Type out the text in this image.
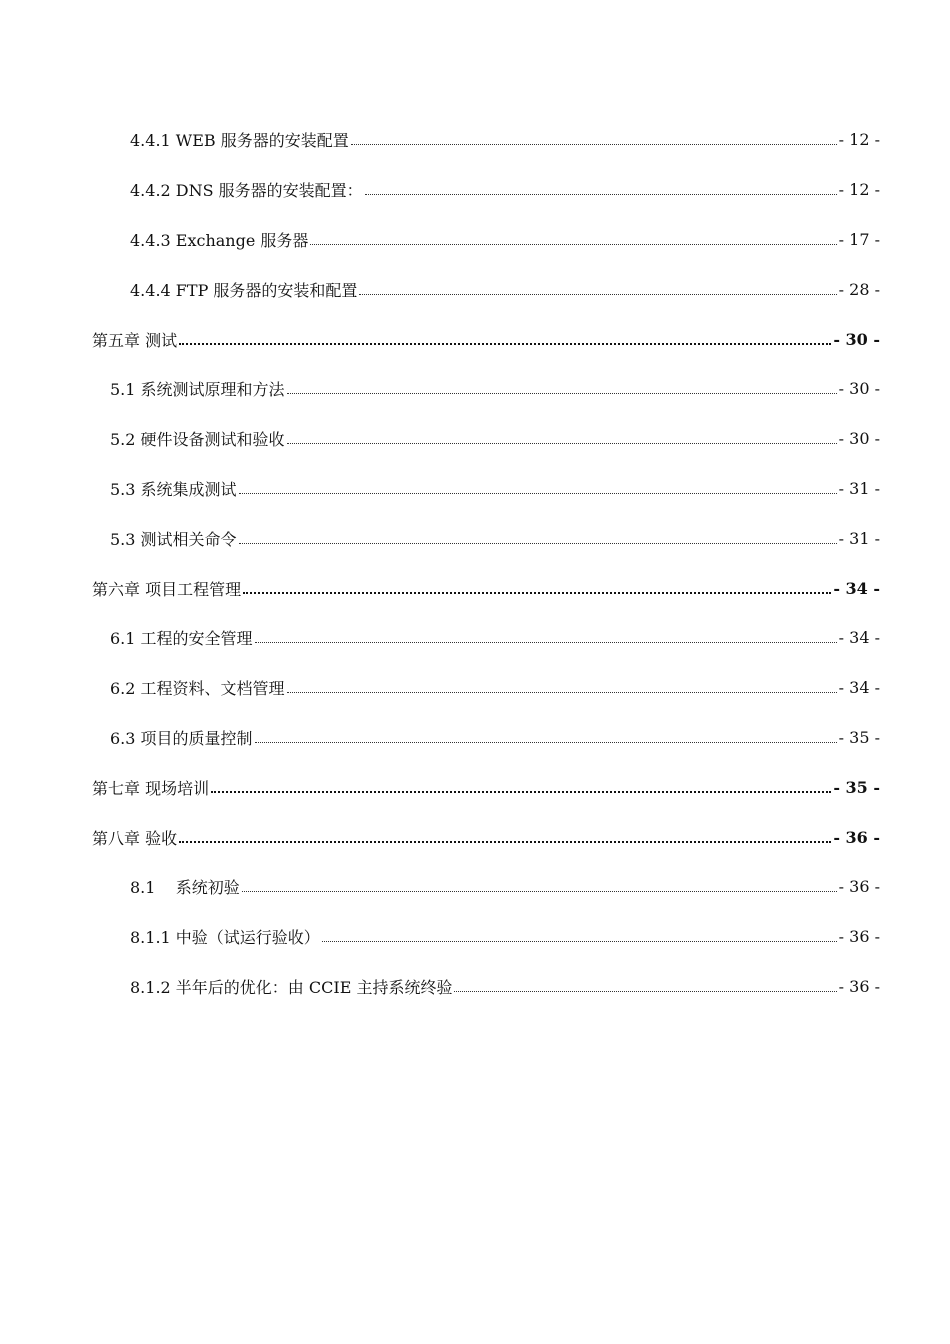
4.4.1 WEB 服务器的安装配置	- 12 -
4.4.2 DNS 服务器的安装配置：	- 12 -
4.4.3 Exchange 服务器	- 17 -
4.4.4 FTP 服务器的安装和配置	- 28 -
第五章 测试	- 30 -
5.1 系统测试原理和方法	- 30 -
5.2 硬件设备测试和验收	- 30 -
5.3 系统集成测试	- 31 -
5.3 测试相关命令	- 31 -
第六章 项目工程管理	- 34 -
6.1 工程的安全管理	- 34 -
6.2 工程资料、文档管理	- 34 -
6.3 项目的质量控制	- 35 -
第七章 现场培训	- 35 -
第八章 验收	- 36 -
8.1    系统初验	- 36 -
8.1.1 中验（试运行验收）	- 36 -
8.1.2 半年后的优化：由 CCIE 主持系统终验	- 36 -
